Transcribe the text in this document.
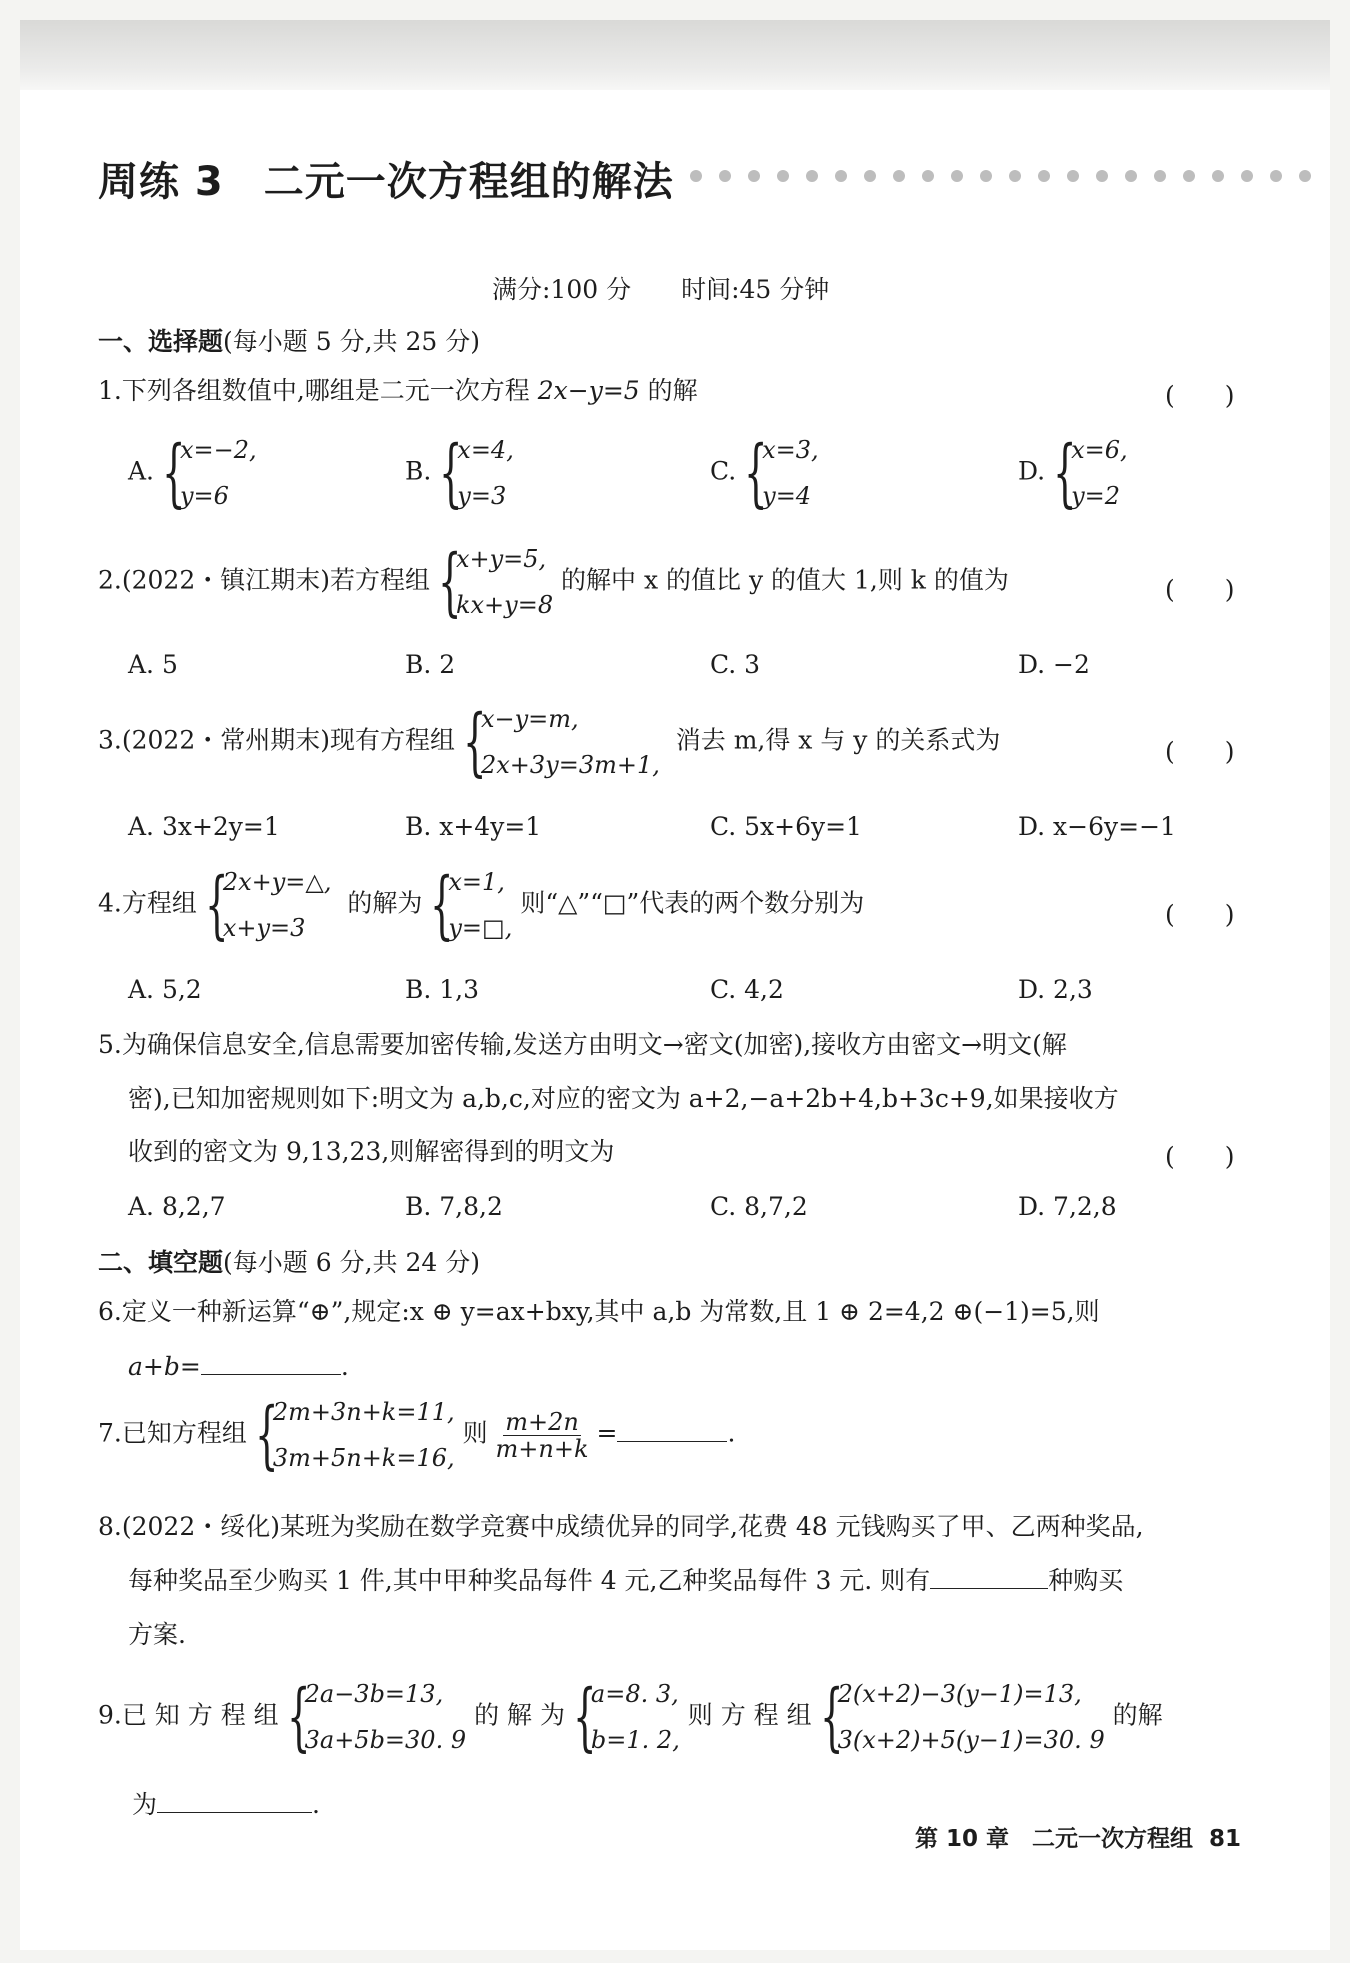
周练 3 二元一次方程组的解法
满分:100 分　　时间:45 分钟
一、选择题(每小题 5 分,共 25 分)
1.下列各组数值中,哪组是二元一次方程 2x−y=5 的解	(　　)
A. {
x=−2,
y=6
B. {
x=4,
y=3
C. {
x=3,
y=4
D. {
x=6,
y=2
2.(2022・镇江期末)若方程组 {
x+y=5,
kx+y=8
的解中 x 的值比 y 的值大 1,则 k 的值为	(　　)
A. 5	B. 2	C. 3	D. −2
3.(2022・常州期末)现有方程组 {
x−y=m,
2x+3y=3m+1,
消去 m,得 x 与 y 的关系式为	(　　)
A. 3x+2y=1	B. x+4y=1	C. 5x+6y=1	D. x−6y=−1
4.方程组 {
2x+y=△,
x+y=3
的解为 {
x=1,
y=□,
则“△”“□”代表的两个数分别为	(　　)
A. 5,2	B. 1,3	C. 4,2	D. 2,3
5.为确保信息安全,信息需要加密传输,发送方由明文→密文(加密),接收方由密文→明文(解
密),已知加密规则如下:明文为 a,b,c,对应的密文为 a+2,−a+2b+4,b+3c+9,如果接收方
收到的密文为 9,13,23,则解密得到的明文为	(　　)
A. 8,2,7	B. 7,8,2	C. 8,7,2	D. 7,2,8
二、填空题(每小题 6 分,共 24 分)
6.定义一种新运算“⊕”,规定:x ⊕ y=ax+bxy,其中 a,b 为常数,且 1 ⊕ 2=4,2 ⊕(−1)=5,则
a+b=	.
7.已知方程组 {
2m+3n+k=11,
3m+5n+k=16,
则 $\frac{m+2n}{m+n+k}$ =	.
8.(2022・绥化)某班为奖励在数学竞赛中成绩优异的同学,花费 48 元钱购买了甲、乙两种奖品,
每种奖品至少购买 1 件,其中甲种奖品每件 4 元,乙种奖品每件 3 元. 则有	种购买
方案.
9.已 知 方 程 组 {
2a−3b=13,
3a+5b=30. 9
的 解 为 {
a=8. 3,
b=1. 2,
则 方 程 组 {
2(x+2)−3(y−1)=13,
3(x+2)+5(y−1)=30. 9
的解
为	.
第 10 章　二元一次方程组 81
